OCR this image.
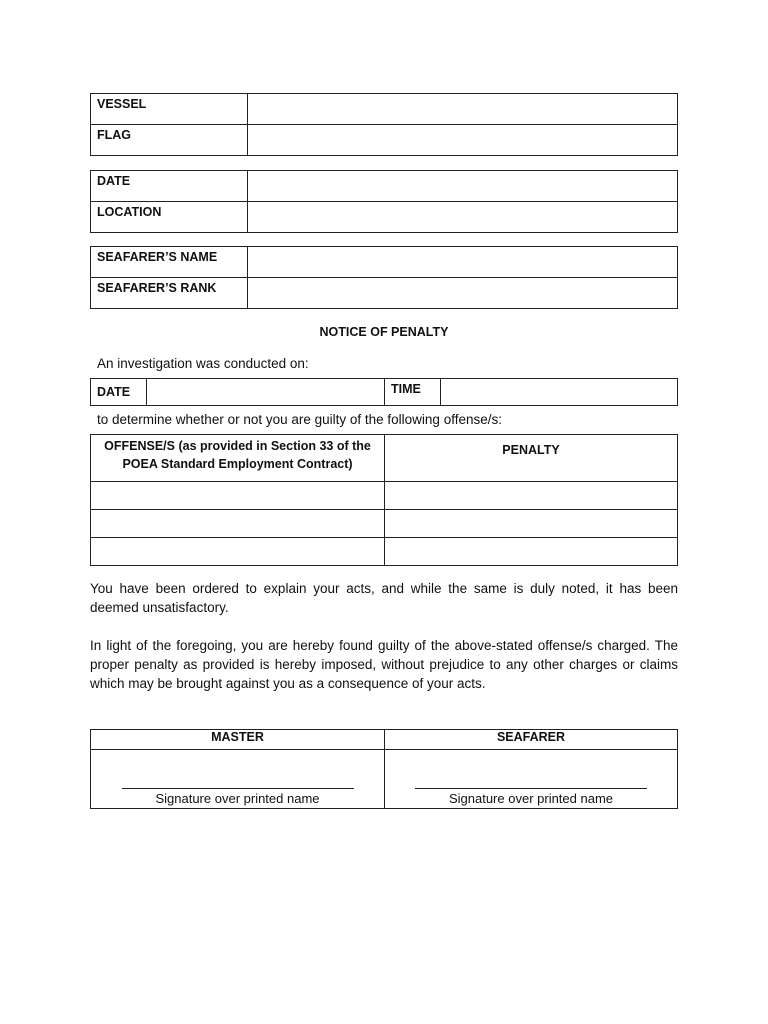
VESSEL	
FLAG	
DATE	
LOCATION	
SEAFARER’S NAME	
SEAFARER’S RANK	
NOTICE OF PENALTY
An investigation was conducted on:
DATE		TIME	
to determine whether or not you are guilty of the following offense/s:
OFFENSE/S (as provided in Section 33 of the POEA Standard Employment Contract)	PENALTY

You have been ordered to explain your acts, and while the same is duly noted, it has been deemed unsatisfactory.
In light of the foregoing, you are hereby found guilty of the above-stated offense/s charged. The proper penalty as provided is hereby imposed, without prejudice to any other charges or claims which may be brought against you as a consequence of your acts.
MASTER	SEAFARER

Signature over printed name	Signature over printed name
